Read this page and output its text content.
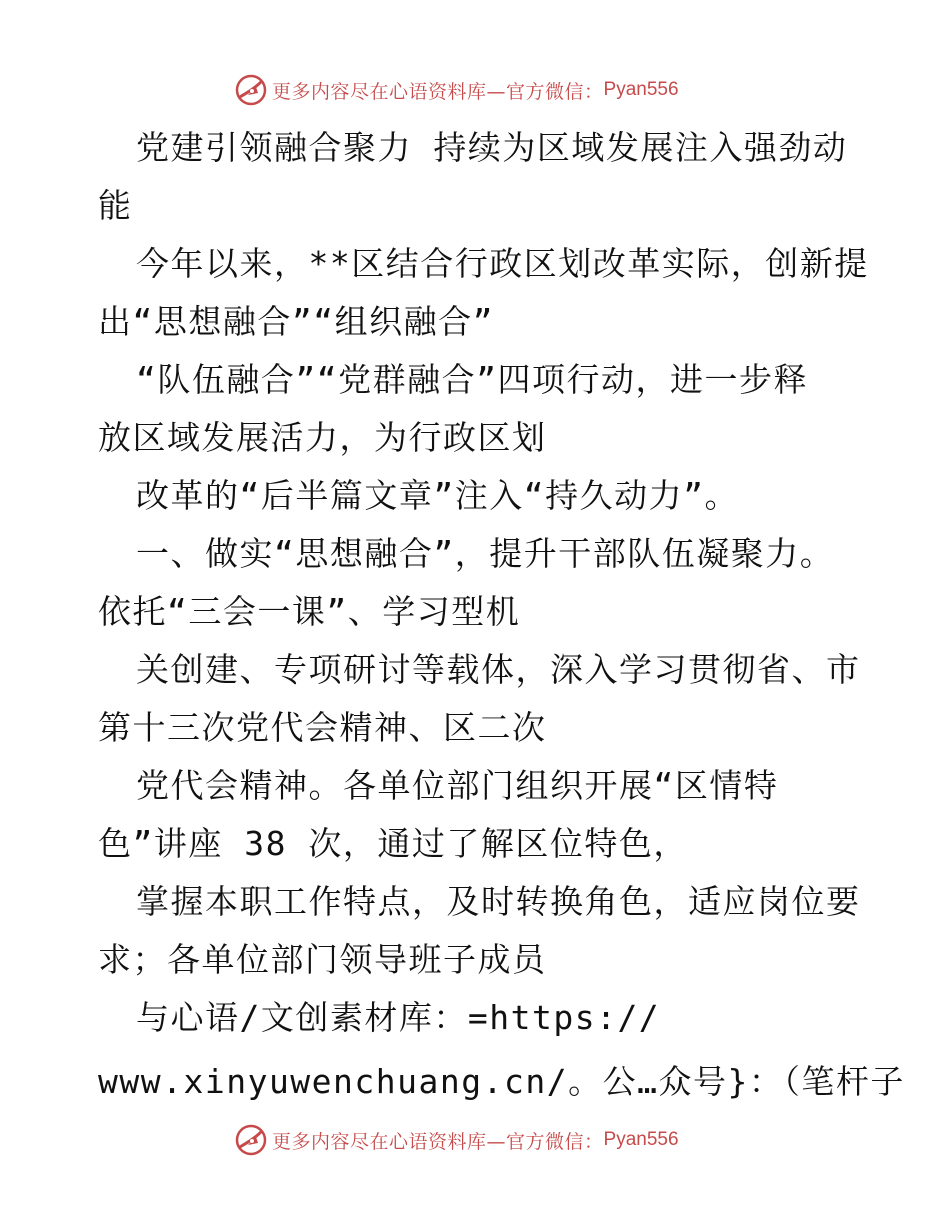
更多内容尽在心语资料库—官方微信： Pyan556
党建引领融合聚力 持续为区域发展注入强劲动
能
今年以来，**区结合行政区划改革实际，创新提
出“思想融合”“组织融合”
“队伍融合”“党群融合”四项行动，进一步释
放区域发展活力，为行政区划
改革的“后半篇文章”注入“持久动力”。
一、做实“思想融合”，提升干部队伍凝聚力。
依托“三会一课”、学习型机
关创建、专项研讨等载体，深入学习贯彻省、市
第十三次党代会精神、区二次
党代会精神。各单位部门组织开展“区情特
色”讲座 38 次，通过了解区位特色，
掌握本职工作特点，及时转换角色，适应岗位要
求；各单位部门领导班子成员
与心语/文创素材库：=https://
www.xinyuwenchuang.cn/。公…众号}：（笔杆子
更多内容尽在心语资料库—官方微信： Pyan556
